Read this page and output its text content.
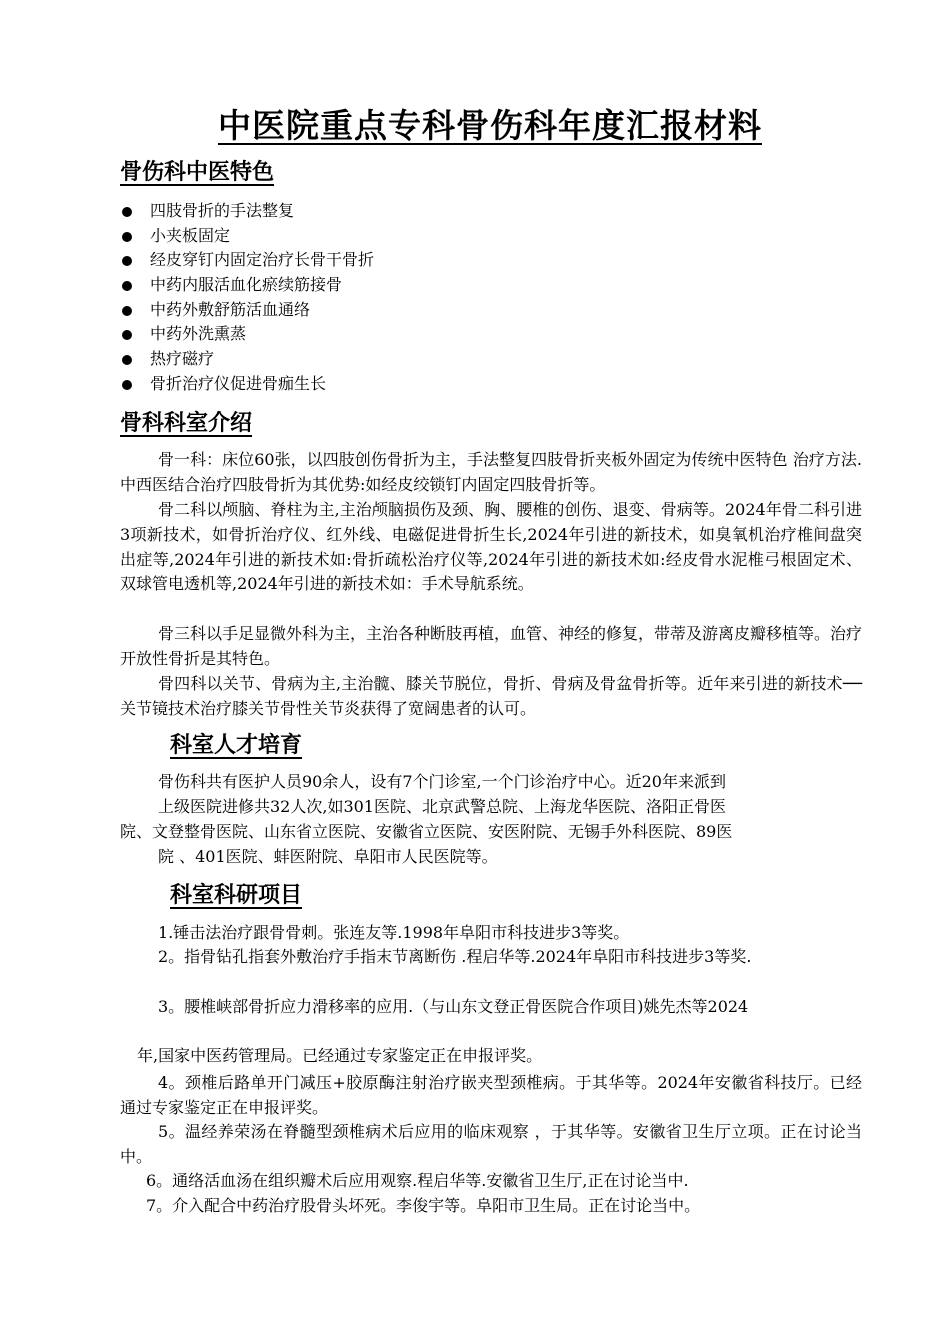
中医院重点专科骨伤科年度汇报材料
骨伤科中医特色
四肢骨折的手法整复
小夹板固定
经皮穿钉内固定治疗长骨干骨折
中药内服活血化瘀续筋接骨
中药外敷舒筋活血通络
中药外洗熏蒸
热疗磁疗
骨折治疗仪促进骨痂生长
骨科科室介绍

骨一科：床位60张，以四肢创伤骨折为主，手法整复四肢骨折夹板外固定为传统中医特色 治疗方法.中西医结合治疗四肢骨折为其优势:如经皮绞锁钉内固定四肢骨折等。

骨二科以颅脑、脊柱为主,主治颅脑损伤及颈、胸、腰椎的创伤、退变、骨病等。2024年骨二科引进3项新技术，如骨折治疗仪、红外线、电磁促进骨折生长,2024年引进的新技术，如臭氧机治疗椎间盘突出症等,2024年引进的新技术如:骨折疏松治疗仪等,2024年引进的新技术如:经皮骨水泥椎弓根固定术、双球管电透机等,2024年引进的新技术如：手术导航系统。

骨三科以手足显微外科为主，主治各种断肢再植，血管、神经的修复，带蒂及游离皮瓣移植等。治疗开放性骨折是其特色。

骨四科以关节、骨病为主,主治髋、膝关节脱位，骨折、骨病及骨盆骨折等。近年来引进的新技术──关节镜技术治疗膝关节骨性关节炎获得了宽阔患者的认可。

科室人才培育

骨伤科共有医护人员90余人，设有7个门诊室,一个门诊治疗中心。近20年来派到

上级医院进修共32人次,如301医院、北京武警总院、上海龙华医院、洛阳正骨医

院、文登整骨医院、山东省立医院、安徽省立医院、安医附院、无锡手外科医院、89医

院 、401医院、蚌医附院、阜阳市人民医院等。

科室科研项目

1.锤击法治疗跟骨骨刺。张连友等.1998年阜阳市科技进步3等奖。

2。指骨钻孔指套外敷治疗手指末节离断伤 .程启华等.2024年阜阳市科技进步3等奖.

3。腰椎峡部骨折应力滑移率的应用.（与山东文登正骨医院合作项目)姚先杰等2024

年,国家中医药管理局。已经通过专家鉴定正在申报评奖。

4。颈椎后路单开门减压+胶原酶注射治疗嵌夹型颈椎病。于其华等。2024年安徽省科技厅。已经通过专家鉴定正在申报评奖。

5。温经养荣汤在脊髓型颈椎病术后应用的临床观察 ，于其华等。安徽省卫生厅立项。正在讨论当中。

6。通络活血汤在组织瓣术后应用观察.程启华等.安徽省卫生厅,正在讨论当中.

7。介入配合中药治疗股骨头坏死。李俊宇等。阜阳市卫生局。正在讨论当中。
